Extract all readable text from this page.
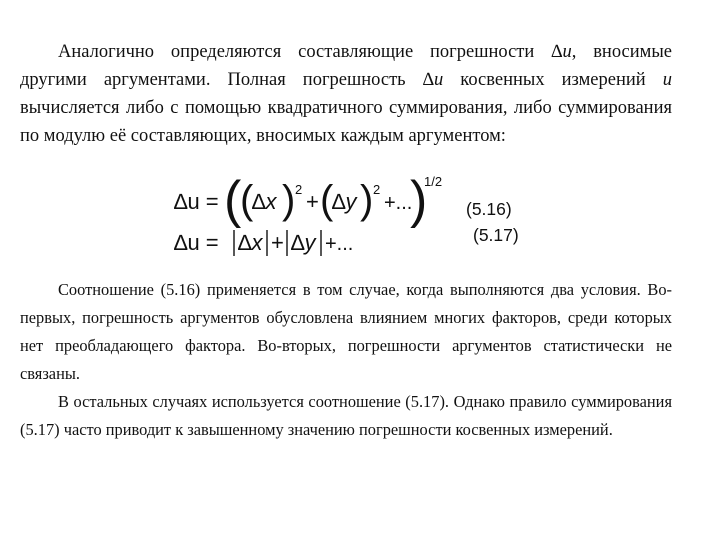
Аналогично определяются составляющие погрешности ∆u, вносимые другими аргументами. Полная погрешность ∆u косвенных измерений u вычисляется либо с помощью квадратичного суммирования, либо суммирования по модулю её составляющих, вносимых каждым аргументом:

∆u = (
(
∆x ) 2 + (
∆y ) 2
+...
)
1/2
∆u = ∆x + ∆y +...
(5.16)
(5.17)

Соотношение (5.16) применяется в том случае, когда выполняются два условия. Во-первых, погрешность аргументов обусловлена влиянием многих факторов, среди которых нет преобладающего фактора. Во-вторых, погрешности аргументов статистически не связаны.

В остальных случаях используется соотношение (5.17). Однако правило суммирования (5.17) часто приводит к завышенному значению погрешности косвенных измерений.
